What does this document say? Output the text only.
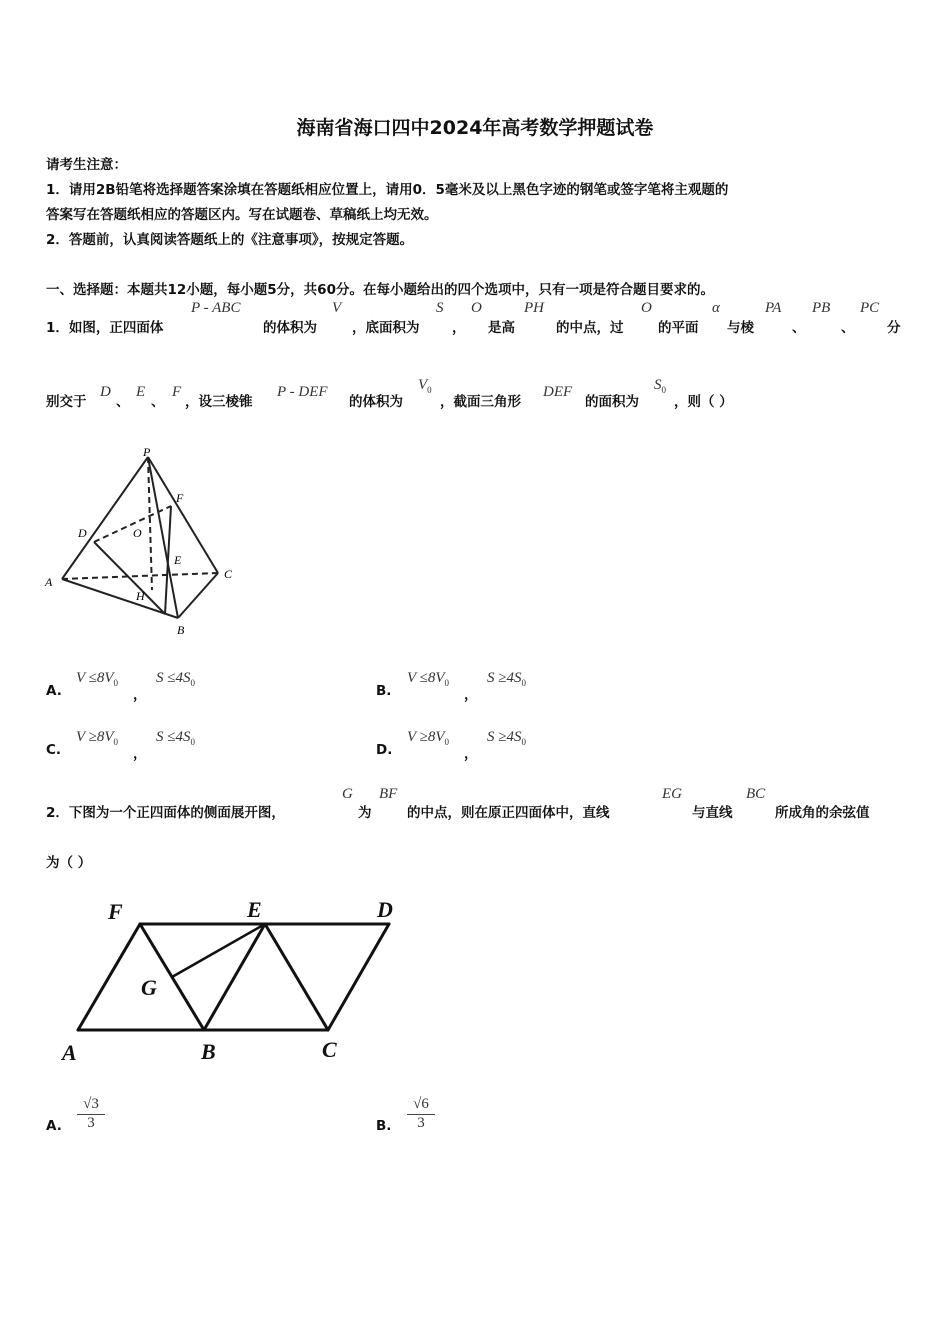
海南省海口四中2024年高考数学押题试卷
请考生注意：
1．请用2B铅笔将选择题答案涂填在答题纸相应位置上，请用0．5毫米及以上黑色字迹的钢笔或签字笔将主观题的
答案写在答题纸相应的答题区内。写在试题卷、草稿纸上均无效。
2．答题前，认真阅读答题纸上的《注意事项》，按规定答题。
一、选择题：本题共12小题，每小题5分，共60分。在每小题给出的四个选项中，只有一项是符合题目要求的。
1．如图，正四面体
P - ABC
的体积为
V
，底面积为
S
，
O
是高
PH
的中点，过
O
的平面
α
与棱
PA
、
PB
、
PC
分
别交于
D
、
E
、
F
，设三棱锥
P - DEF
的体积为
$V_0$
，截面三角形
DEF
的面积为
$S_0$
，则（ ）
P
F
D	O
E
A
C
H
B
A.
$V \le 8V_0$
，
$S \le 4S_0$	B.
$V \le 8V_0$
，
$S \ge 4S_0$
C.
$V \ge 8V_0$
，
$S \le 4S_0$	D.
$V \ge 8V_0$
，
$S \ge 4S_0$
2．下图为一个正四面体的侧面展开图，
G
为
BF
的中点，则在原正四面体中，直线
EG
与直线
BC
所成角的余弦值
为（ ）
F	E	D
G
A	B	C
A. $\frac{√3}{3}$	B. $\frac{√6}{3}$
